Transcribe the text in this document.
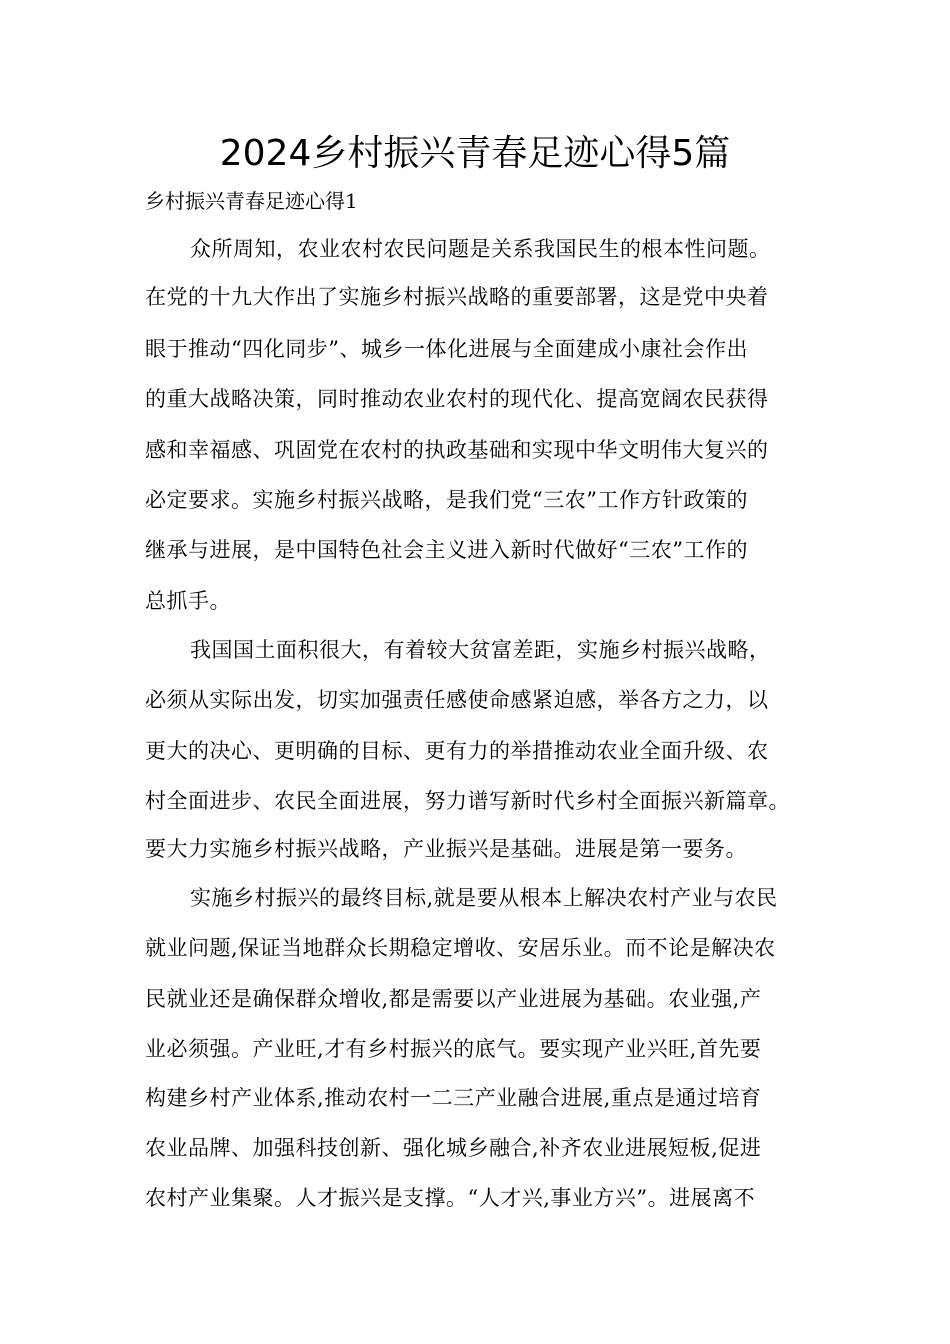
2024乡村振兴青春足迹心得5篇
乡村振兴青春足迹心得1
众所周知，农业农村农民问题是关系我国民生的根本性问题。
在党的十九大作出了实施乡村振兴战略的重要部署，这是党中央着
眼于推动“四化同步”、城乡一体化进展与全面建成小康社会作出
的重大战略决策，同时推动农业农村的现代化、提高宽阔农民获得
感和幸福感、巩固党在农村的执政基础和实现中华文明伟大复兴的
必定要求。实施乡村振兴战略，是我们党“三农”工作方针政策的
继承与进展，是中国特色社会主义进入新时代做好“三农”工作的
总抓手。
我国国土面积很大，有着较大贫富差距，实施乡村振兴战略，
必须从实际出发，切实加强责任感使命感紧迫感，举各方之力，以
更大的决心、更明确的目标、更有力的举措推动农业全面升级、农
村全面进步、农民全面进展，努力谱写新时代乡村全面振兴新篇章。
要大力实施乡村振兴战略，产业振兴是基础。进展是第一要务。
实施乡村振兴的最终目标,就是要从根本上解决农村产业与农民
就业问题,保证当地群众长期稳定增收、安居乐业。而不论是解决农
民就业还是确保群众增收,都是需要以产业进展为基础。农业强,产
业必须强。产业旺,才有乡村振兴的底气。要实现产业兴旺,首先要
构建乡村产业体系,推动农村一二三产业融合进展,重点是通过培育
农业品牌、加强科技创新、强化城乡融合,补齐农业进展短板,促进
农村产业集聚。人才振兴是支撑。“人才兴,事业方兴”。进展离不
